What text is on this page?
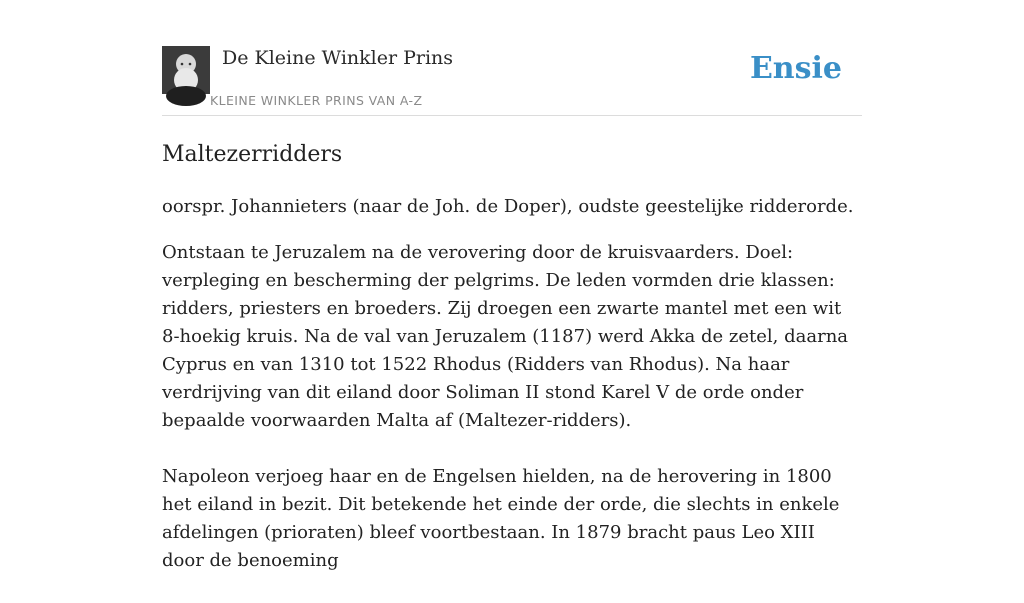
De Kleine Winkler Prins
KLEINE WINKLER PRINS VAN A-Z
Ensie
Maltezerridders

oorspr. Johannieters (naar de Joh. de Doper), oudste geestelijke ridderorde.

Ontstaan te Jeruzalem na de verovering door de kruisvaarders. Doel: verpleging en bescherming der pelgrims. De leden vormden drie klassen: ridders, priesters en broeders. Zij droegen een zwarte mantel met een wit 8-hoekig kruis. Na de val van Jeruzalem (1187) werd Akka de zetel, daarna Cyprus en van 1310 tot 1522 Rhodus (Ridders van Rhodus). Na haar verdrijving van dit eiland door Soliman II stond Karel V de orde onder bepaalde voorwaarden Malta af (Maltezer-ridders).

Napoleon verjoeg haar en de Engelsen hielden, na de herovering in 1800 het eiland in bezit. Dit betekende het einde der orde, die slechts in enkele afdelingen (prioraten) bleef voortbestaan. In 1879 bracht paus Leo XIII door de benoeming
